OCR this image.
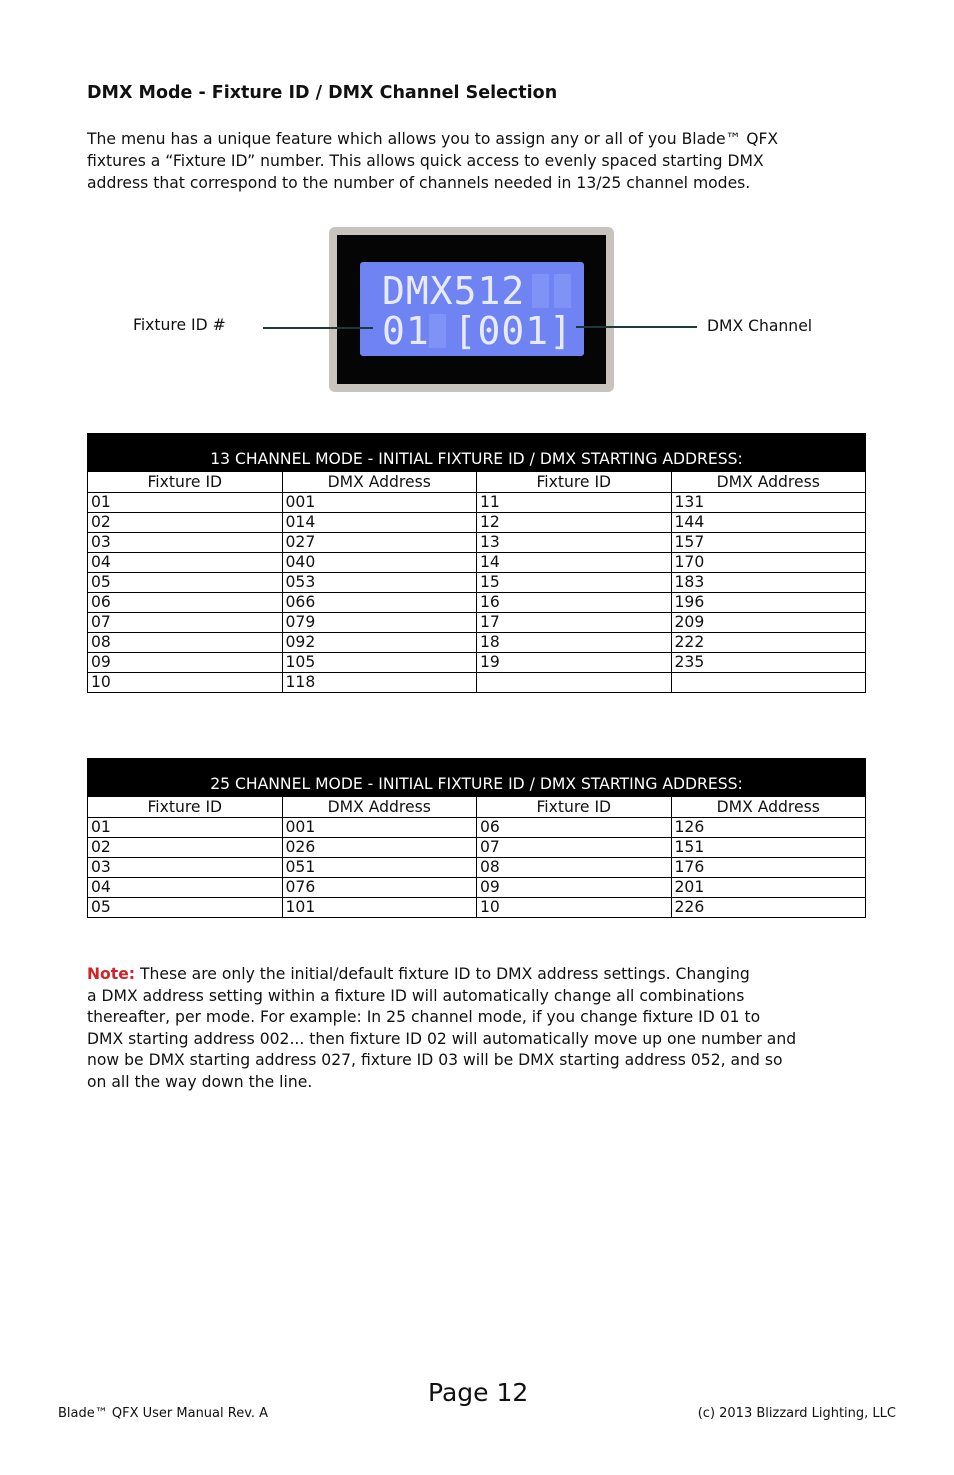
DMX Mode - Fixture ID / DMX Channel Selection
The menu has a unique feature which allows you to assign any or all of you Blade™ QFX
fixtures a “Fixture ID” number. This allows quick access to evenly spaced starting DMX
address that correspond to the number of channels needed in 13/25 channel modes.
DMX512
01 [001]
Fixture ID #	DMX Channel
13 CHANNEL MODE - INITIAL FIXTURE ID / DMX STARTING ADDRESS:			
Fixture ID	DMX Address	Fixture ID	DMX Address
01	001	11	131
02	014	12	144
03	027	13	157
04	040	14	170
05	053	15	183
06	066	16	196
07	079	17	209
08	092	18	222
09	105	19	235
10	118		
25 CHANNEL MODE - INITIAL FIXTURE ID / DMX STARTING ADDRESS:			
Fixture ID	DMX Address	Fixture ID	DMX Address
01	001	06	126
02	026	07	151
03	051	08	176
04	076	09	201
05	101	10	226
Note: These are only the initial/default fixture ID to DMX address settings. Changing
a DMX address setting within a fixture ID will automatically change all combinations
thereafter, per mode. For example: In 25 channel mode, if you change fixture ID 01 to
DMX starting address 002... then fixture ID 02 will automatically move up one number and
now be DMX starting address 027, fixture ID 03 will be DMX starting address 052, and so
on all the way down the line.
Page 12
Blade™ QFX User Manual Rev. A	(c) 2013 Blizzard Lighting, LLC
